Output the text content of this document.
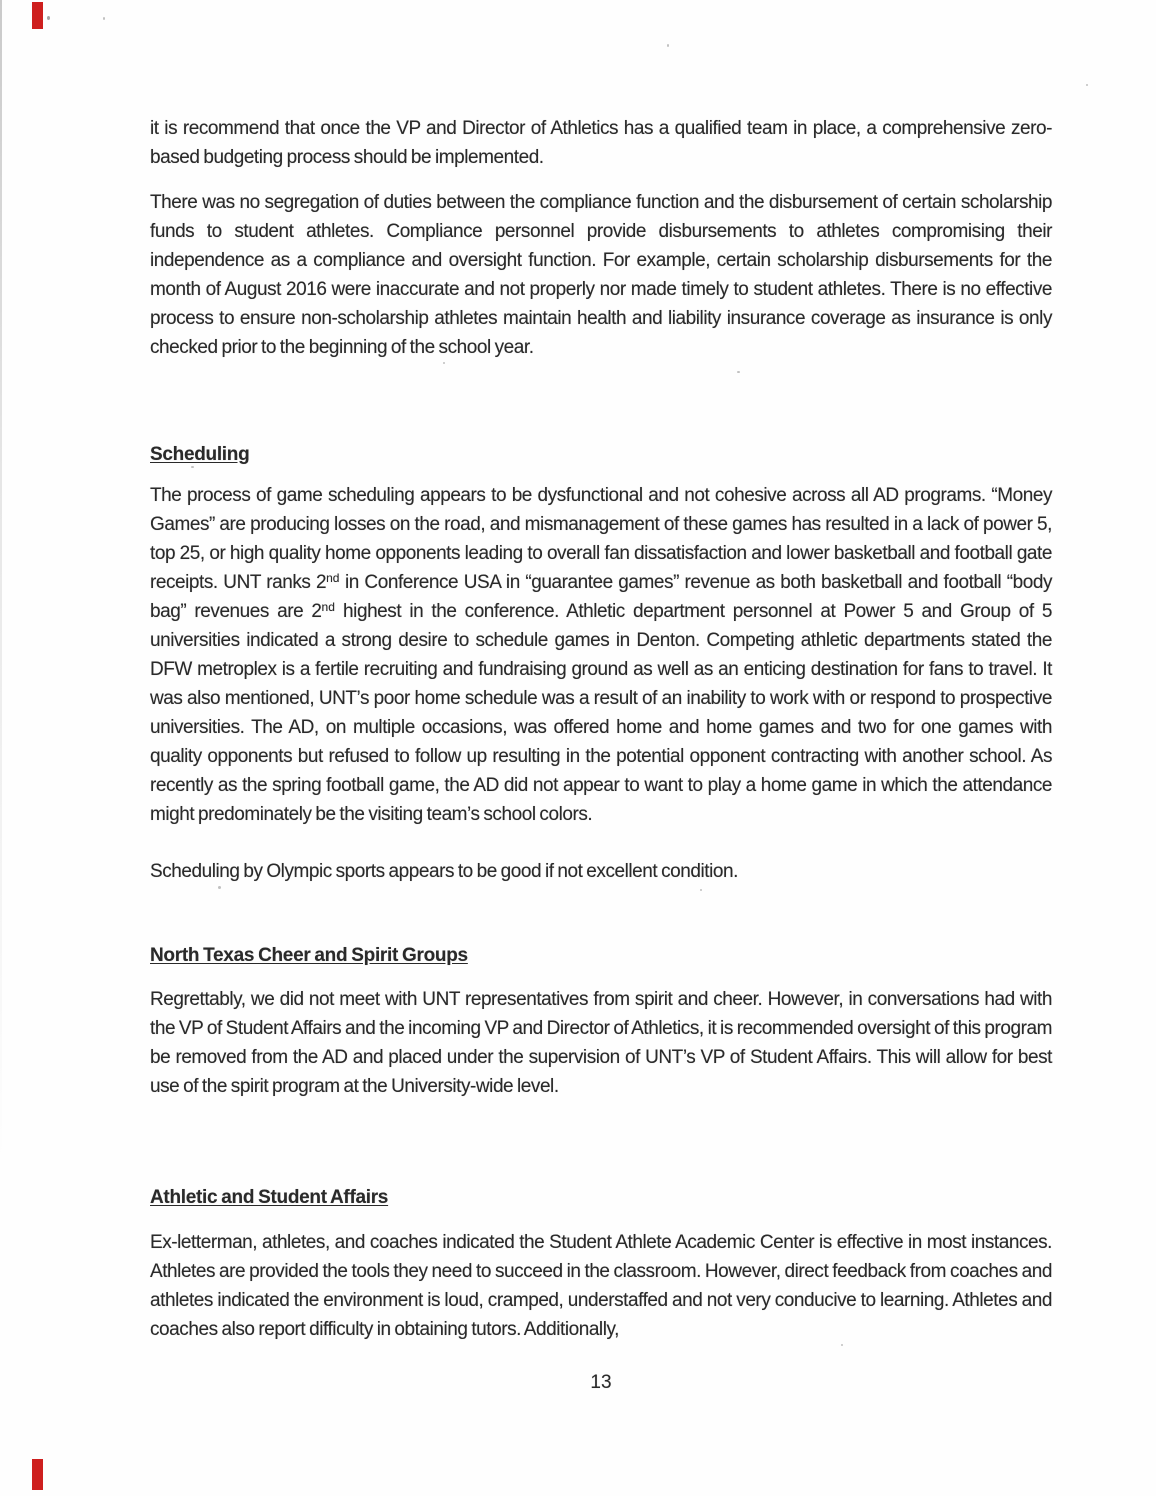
it is recommend that once the VP and Director of Athletics has a qualified team in place, a comprehensive zero-based budgeting process should be implemented.

There was no segregation of duties between the compliance function and the disbursement of certain scholarship funds to student athletes. Compliance personnel provide disbursements to athletes compromising their independence as a compliance and oversight function. For example, certain scholarship disbursements for the month of August 2016 were inaccurate and not properly nor made timely to student athletes. There is no effective process to ensure non-scholarship athletes maintain health and liability insurance coverage as insurance is only checked prior to the beginning of the school year.

Scheduling

The process of game scheduling appears to be dysfunctional and not cohesive across all AD programs. “Money Games” are producing losses on the road, and mismanagement of these games has resulted in a lack of power 5, top 25, or high quality home opponents leading to overall fan dissatisfaction and lower basketball and football gate receipts. UNT ranks 2nd in Conference USA in “guarantee games” revenue as both basketball and football “body bag” revenues are 2nd highest in the conference. Athletic department personnel at Power 5 and Group of 5 universities indicated a strong desire to schedule games in Denton. Competing athletic departments stated the DFW metroplex is a fertile recruiting and fundraising ground as well as an enticing destination for fans to travel. It was also mentioned, UNT’s poor home schedule was a result of an inability to work with or respond to prospective universities. The AD, on multiple occasions, was offered home and home games and two for one games with quality opponents but refused to follow up resulting in the potential opponent contracting with another school. As recently as the spring football game, the AD did not appear to want to play a home game in which the attendance might predominately be the visiting team’s school colors.

Scheduling by Olympic sports appears to be good if not excellent condition.

North Texas Cheer and Spirit Groups

Regrettably, we did not meet with UNT representatives from spirit and cheer. However, in conversations had with the VP of Student Affairs and the incoming VP and Director of Athletics, it is recommended oversight of this program be removed from the AD and placed under the supervision of UNT’s VP of Student Affairs. This will allow for best use of the spirit program at the University-wide level.

Athletic and Student Affairs

Ex-letterman, athletes, and coaches indicated the Student Athlete Academic Center is effective in most instances. Athletes are provided the tools they need to succeed in the classroom. However, direct feedback from coaches and athletes indicated the environment is loud, cramped, understaffed and not very conducive to learning. Athletes and coaches also report difficulty in obtaining tutors. Additionally,

13
